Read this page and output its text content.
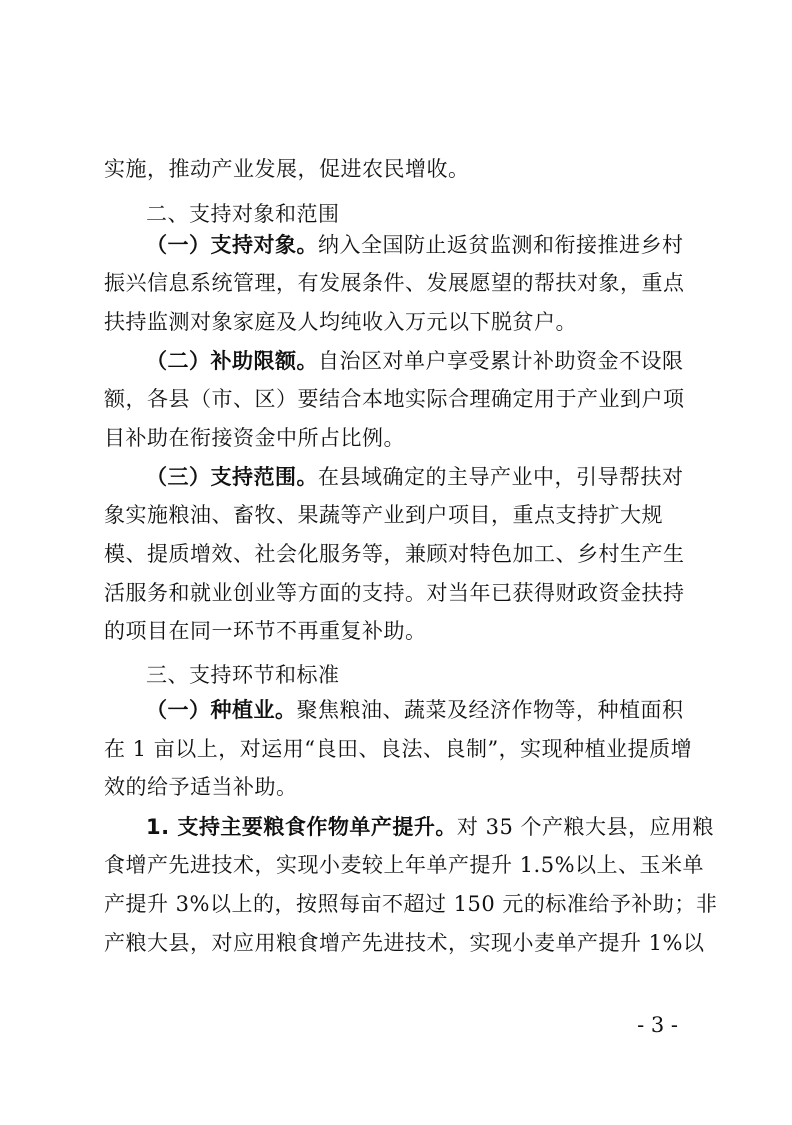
实施，推动产业发展，促进农民增收。
二、支持对象和范围
（一）支持对象。纳入全国防止返贫监测和衔接推进乡村
振兴信息系统管理，有发展条件、发展愿望的帮扶对象，重点
扶持监测对象家庭及人均纯收入万元以下脱贫户。
（二）补助限额。自治区对单户享受累计补助资金不设限
额，各县（市、区）要结合本地实际合理确定用于产业到户项
目补助在衔接资金中所占比例。
（三）支持范围。在县域确定的主导产业中，引导帮扶对
象实施粮油、畜牧、果蔬等产业到户项目，重点支持扩大规
模、提质增效、社会化服务等，兼顾对特色加工、乡村生产生
活服务和就业创业等方面的支持。对当年已获得财政资金扶持
的项目在同一环节不再重复补助。
三、支持环节和标准
（一）种植业。聚焦粮油、蔬菜及经济作物等，种植面积
在 1 亩以上，对运用“良田、良法、良制”，实现种植业提质增
效的给予适当补助。
1. 支持主要粮食作物单产提升。对 35 个产粮大县，应用粮
食增产先进技术，实现小麦较上年单产提升 1.5%以上、玉米单
产提升 3%以上的，按照每亩不超过 150 元的标准给予补助；非
产粮大县，对应用粮食增产先进技术，实现小麦单产提升 1%以
- 3 -
